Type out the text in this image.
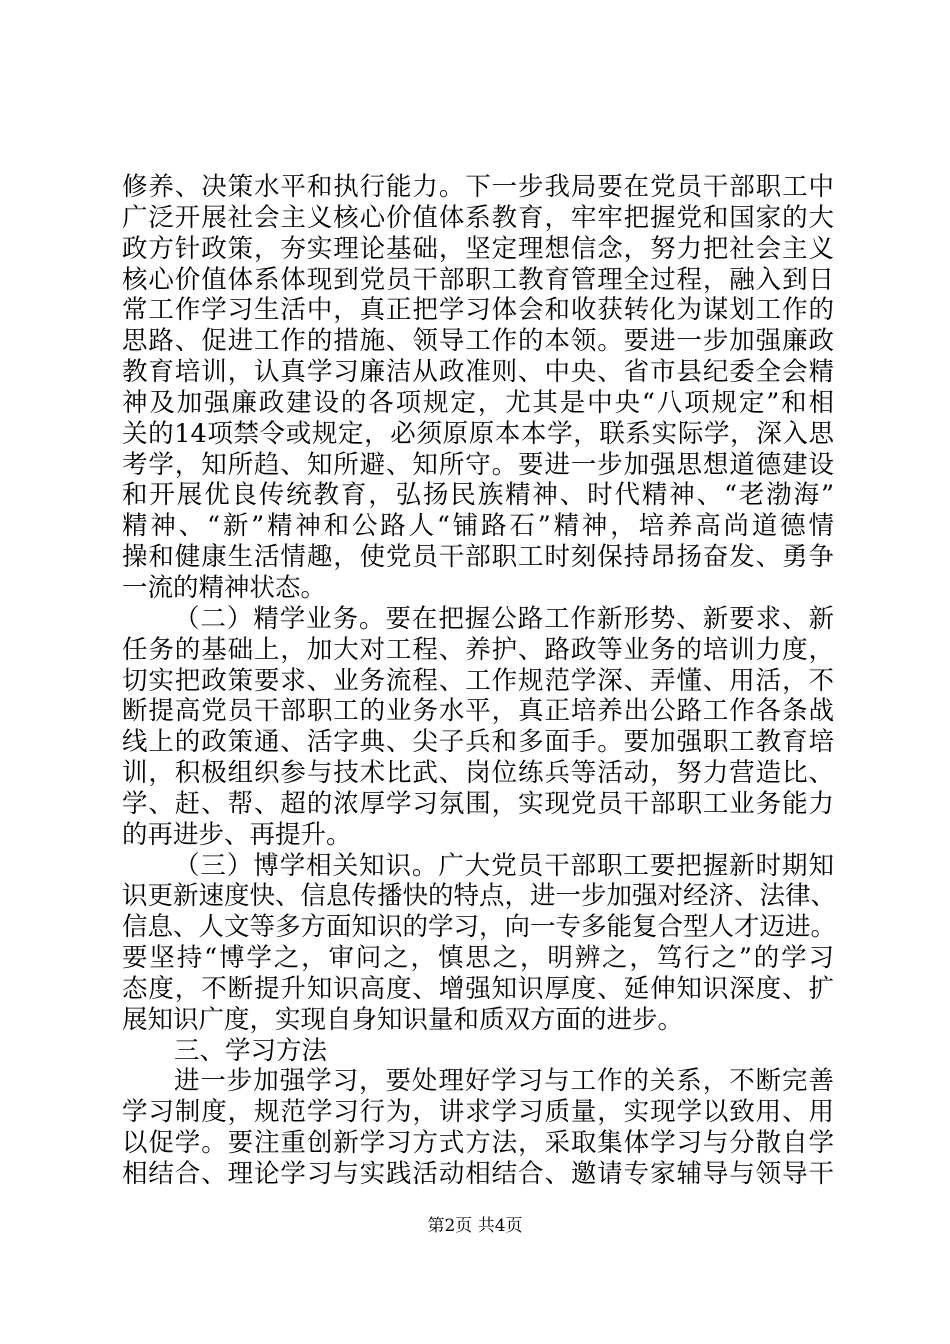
修养、决策水平和执行能力。下一步我局要在党员干部职工中
广泛开展社会主义核心价值体系教育，牢牢把握党和国家的大
政方针政策，夯实理论基础，坚定理想信念，努力把社会主义
核心价值体系体现到党员干部职工教育管理全过程，融入到日
常工作学习生活中，真正把学习体会和收获转化为谋划工作的
思路、促进工作的措施、领导工作的本领。要进一步加强廉政
教育培训，认真学习廉洁从政准则、中央、省市县纪委全会精
神及加强廉政建设的各项规定，尤其是中央“八项规定”和相
关的14项禁令或规定，必须原原本本学，联系实际学，深入思
考学，知所趋、知所避、知所守。要进一步加强思想道德建设
和开展优良传统教育，弘扬民族精神、时代精神、“老渤海”
精神、“新”精神和公路人“铺路石”精神，培养高尚道德情
操和健康生活情趣，使党员干部职工时刻保持昂扬奋发、勇争
一流的精神状态。
（二）精学业务。要在把握公路工作新形势、新要求、新
任务的基础上，加大对工程、养护、路政等业务的培训力度，
切实把政策要求、业务流程、工作规范学深、弄懂、用活，不
断提高党员干部职工的业务水平，真正培养出公路工作各条战
线上的政策通、活字典、尖子兵和多面手。要加强职工教育培
训，积极组织参与技术比武、岗位练兵等活动，努力营造比、
学、赶、帮、超的浓厚学习氛围，实现党员干部职工业务能力
的再进步、再提升。
（三）博学相关知识。广大党员干部职工要把握新时期知
识更新速度快、信息传播快的特点，进一步加强对经济、法律、
信息、人文等多方面知识的学习，向一专多能复合型人才迈进。
要坚持“博学之，审问之，慎思之，明辨之，笃行之”的学习
态度，不断提升知识高度、增强知识厚度、延伸知识深度、扩
展知识广度，实现自身知识量和质双方面的进步。
三、学习方法
进一步加强学习，要处理好学习与工作的关系，不断完善
学习制度，规范学习行为，讲求学习质量，实现学以致用、用
以促学。要注重创新学习方式方法，采取集体学习与分散自学
相结合、理论学习与实践活动相结合、邀请专家辅导与领导干
第2页 共4页
